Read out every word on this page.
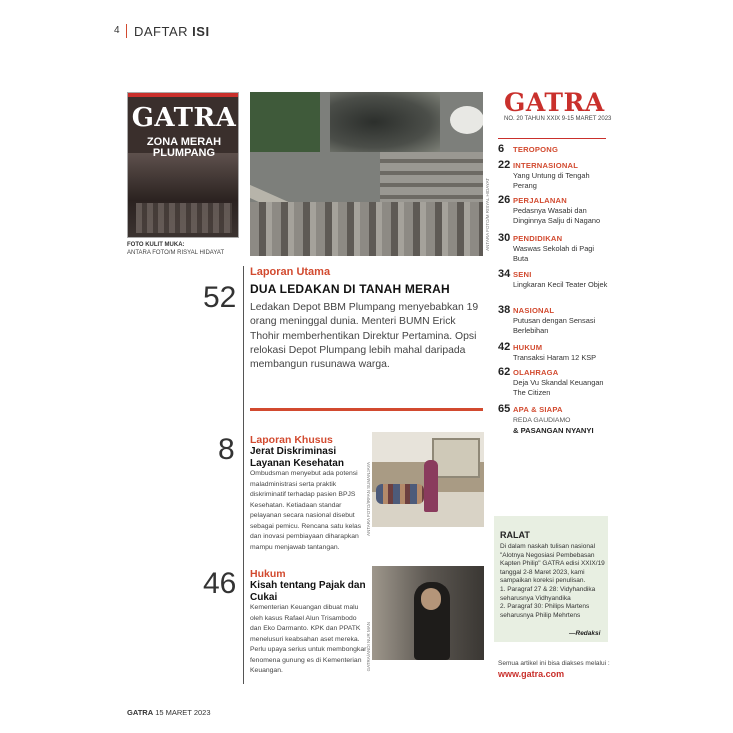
4 DAFTAR ISI
GATRA
ZONA MERAH
PLUMPANG
FOTO KULIT MUKA:
ANTARA FOTO/M RISYAL HIDAYAT
ANTARA FOTO/M RISYAL HIDAYAT
Laporan Utama
DUA LEDAKAN DI TANAH MERAH
52 Ledakan Depot BBM Plumpang menyebabkan 19 orang meninggal dunia. Menteri BUMN Erick Thohir memberhentikan Direktur Pertamina. Opsi relokasi Depot Plumpang lebih mahal daripada membangun rusunawa warga.
8 Laporan Khusus
Jerat Diskriminasi Layanan Kesehatan
Ombudsman menyebut ada potensi maladministrasi serta praktik diskriminatif terhadap pasien BPJS Kesehatan. Ketiadaan standar pelayanan secara nasional disebut sebagai pemicu. Rencana satu kelas dan inovasi pembiayaan diharapkan mampu menjawab tantangan.
ANTARA FOTO/IRFAN SUMANJAYA
46 Hukum
Kisah tentang Pajak dan Cukai
Kementerian Keuangan dibuat malu oleh kasus Rafael Alun Trisambodo dan Eko Darmanto. KPK dan PPATK menelusuri keabsahan aset mereka. Perlu upaya serius untuk membongkar fenomena gunung es di Kementerian Keuangan.	GATRA/ANDI NUR MAN
GATRA
NO. 20 TAHUN XXIX 9-15 MARET 2023
6 TEROPONG
22 INTERNASIONAL
Yang Untung di Tengah Perang
26 PERJALANAN
Pedasnya Wasabi dan Dinginnya Salju di Nagano
30 PENDIDIKAN
Waswas Sekolah di Pagi Buta
34 SENI
Lingkaran Kecil Teater Objek
38 NASIONAL
Putusan dengan Sensasi Berlebihan
42 HUKUM
Transaksi Haram 12 KSP
62 OLAHRAGA
Deja Vu Skandal Keuangan The Citizen
65 APA & SIAPA
REDA GAUDIAMO
& PASANGAN NYANYI
RALAT
Di dalam naskah tulisan nasional "Alotnya Negosiasi Pembebasan Kapten Philip" GATRA edisi XXIX/19 tanggal 2-8 Maret 2023, kami sampaikan koreksi penulisan.
1. Paragraf 27 & 28: Vidyhandika seharusnya Vidhyandika
2. Paragraf 30: Philips Martens seharusnya Philip Mehrtens
—Redaksi
Semua artikel ini bisa diakses melalui :
www.gatra.com
GATRA 15 MARET 2023
